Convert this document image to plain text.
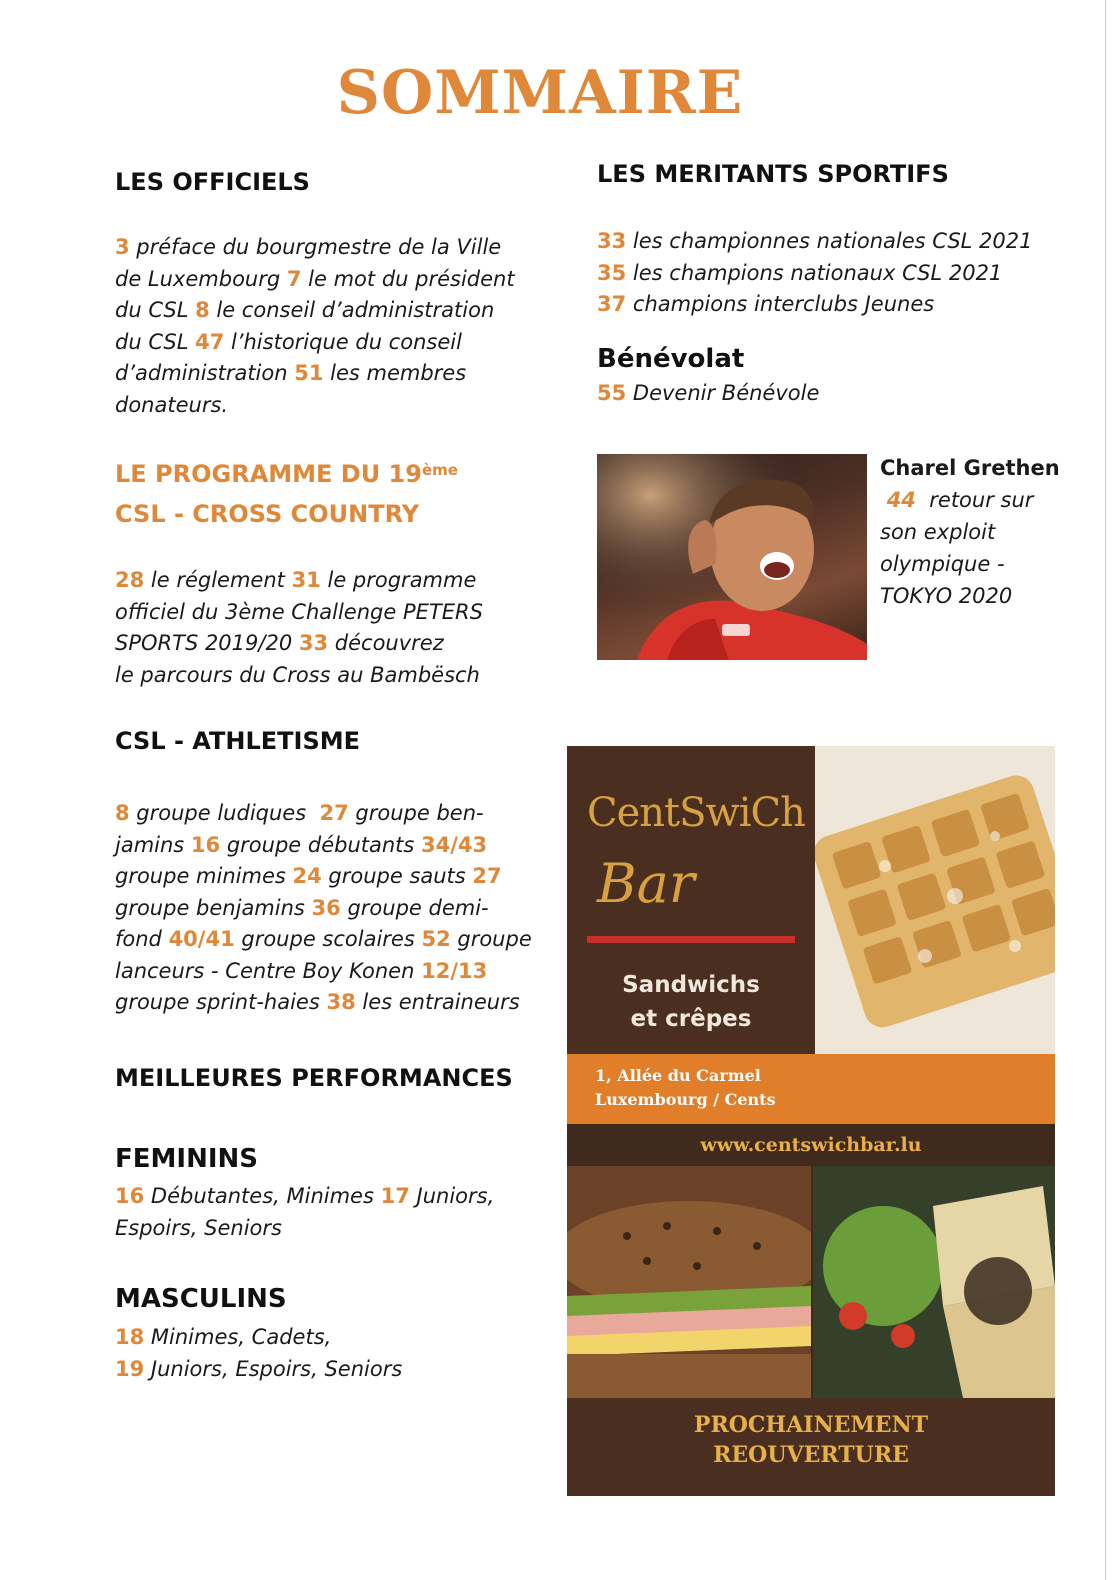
SOMMAIRE
LES OFFICIELS
3 préface du bourgmestre de la Ville
de Luxembourg 7 le mot du président
du CSL 8 le conseil d’administration
du CSL 47 l’historique du conseil
d’administration 51 les membres
donateurs.
LE PROGRAMME DU 19ème
CSL - CROSS COUNTRY
28 le réglement 31 le programme
officiel du 3ème Challenge PETERS
SPORTS 2019/20 33 découvrez
le parcours du Cross au Bambësch
CSL - ATHLETISME
8 groupe ludiques  27 groupe ben-
jamins 16 groupe débutants 34/43
groupe minimes 24 groupe sauts 27
groupe benjamins 36 groupe demi-
fond 40/41 groupe scolaires 52 groupe
lanceurs - Centre Boy Konen 12/13
groupe sprint-haies 38 les entraineurs
MEILLEURES PERFORMANCES
FEMININS
16 Débutantes, Minimes 17 Juniors,
Espoirs, Seniors
MASCULINS
18 Minimes, Cadets,
19 Juniors, Espoirs, Seniors
LES MERITANTS SPORTIFS
33 les championnes nationales CSL 2021
35 les champions nationaux CSL 2021
37 champions interclubs Jeunes
Bénévolat
55 Devenir Bénévole
Charel Grethen
44  retour sur
son exploit
olympique -
TOKYO 2020
CentSwiCh
Bar
Sandwichs
et crêpes
1, Allée du Carmel
Luxembourg / Cents
www.centswichbar.lu
PROCHAINEMENT
REOUVERTURE
